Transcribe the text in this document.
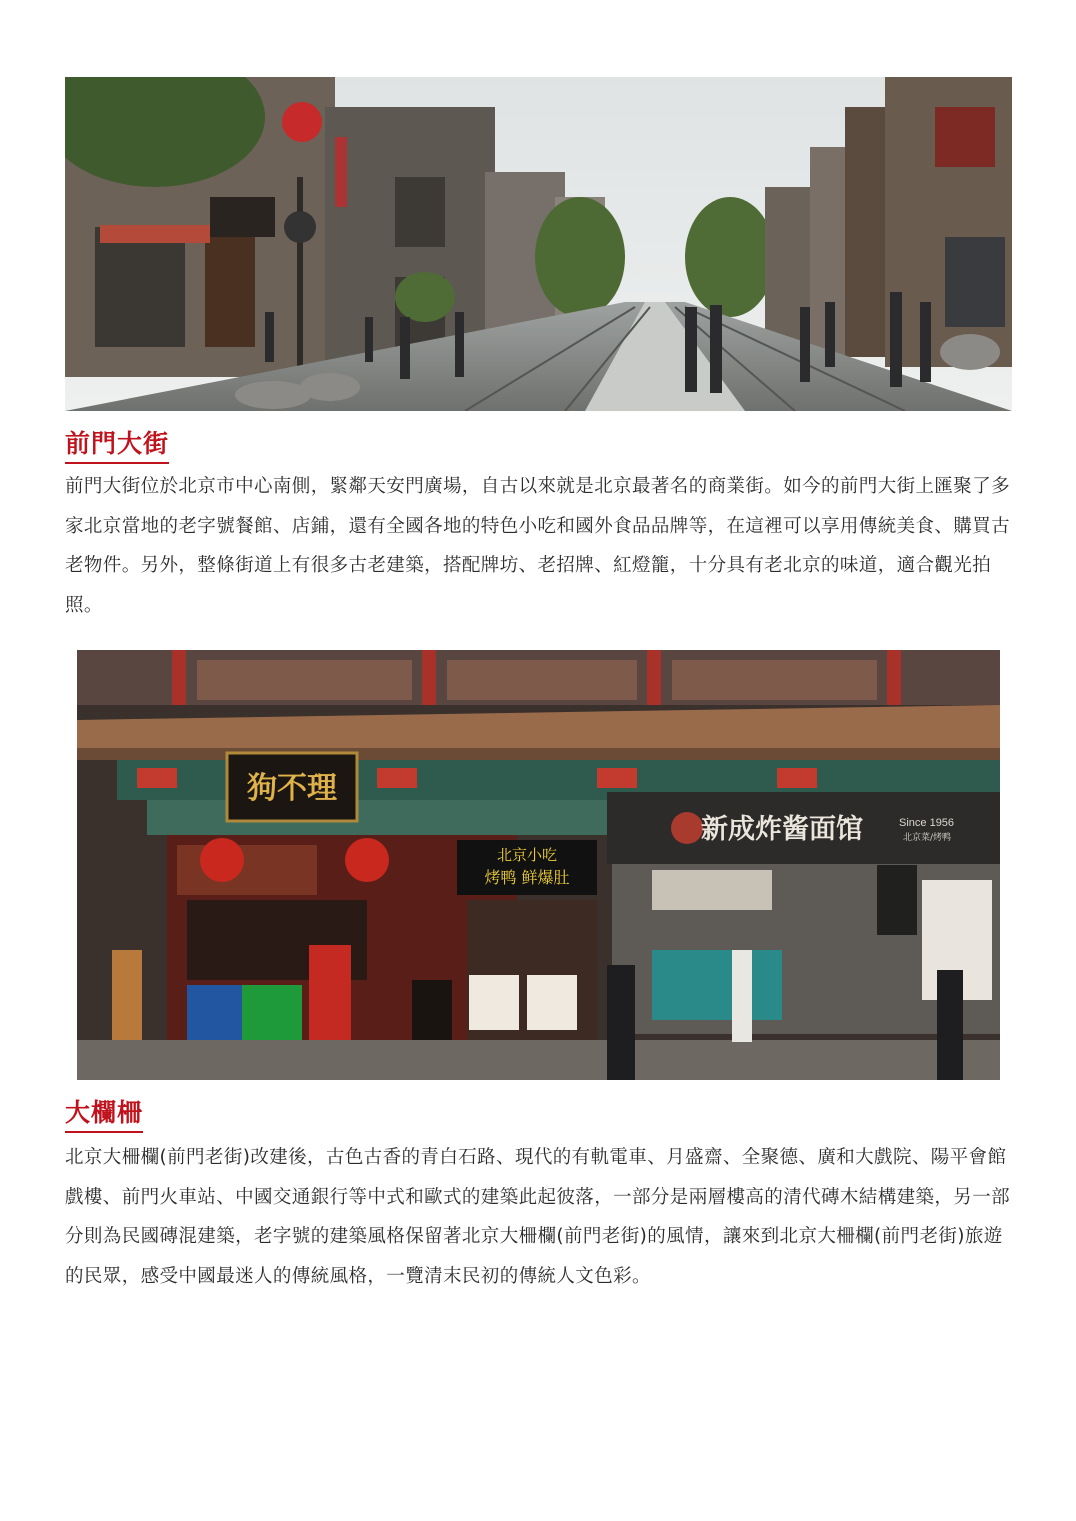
前門大街

前門大街位於北京市中心南側，緊鄰天安門廣場，自古以來就是北京最著名的商業街。如今的前門大街上匯聚了多家北京當地的老字號餐館、店鋪，還有全國各地的特色小吃和國外食品品牌等，在這裡可以享用傳統美食、購買古老物件。另外，整條街道上有很多古老建築，搭配牌坊、老招牌、紅燈籠，十分具有老北京的味道，適合觀光拍照。

狗不理
新成炸酱面馆	Since 1956
北京菜/烤鸭
北京小吃
烤鸭 鲜爆肚
大欄柵

北京大柵欄(前門老街)改建後，古色古香的青白石路、現代的有軌電車、月盛齋、全聚德、廣和大戲院、陽平會館戲樓、前門火車站、中國交通銀行等中式和歐式的建築此起彼落，一部分是兩層樓高的清代磚木結構建築，另一部分則為民國磚混建築，老字號的建築風格保留著北京大柵欄(前門老街)的風情，讓來到北京大柵欄(前門老街)旅遊的民眾，感受中國最迷人的傳統風格，一覽清末民初的傳統人文色彩。
